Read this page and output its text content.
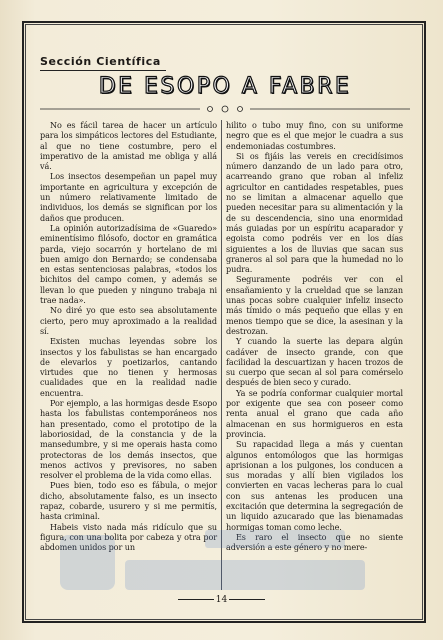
Sección Científica
DE ESOPO A FABRE

No es fácil tarea de hacer un artículo para los simpáticos lectores del Estudiante, al que no tiene costumbre, pero el imperativo de la amistad me obliga y allá vá.

Los insectos desempeñan un papel muy importante en agricultura y excepción de un número relativamente limitado de individuos, los demás se significan por los daños que producen.

La opinión autorizadísima de «Guaredo» eminentísimo filósofo, doctor en gramática parda, viejo socarrón y hortelano de mi buen amigo don Bernardo; se condensaba en estas sentenciosas palabras, «todos los bichitos del campo comen, y además se llevan lo que pueden y ninguno trabaja ni trae nada».

No diré yo que esto sea absolutamente cierto, pero muy aproximado a la realidad sí.

Existen muchas leyendas sobre los insectos y los fabulistas se han encargado de elevarlos y poetizarlos, cantando virtudes que no tienen y hermosas cualidades que en la realidad nadie encuentra.

Por ejemplo, a las hormigas desde Esopo hasta los fabulistas contemporáneos nos han presentado, como el prototipo de la laboriosidad, de la constancia y de la mansedumbre, y si me operais hasta como protectoras de los demás insectos, que menos activos y previsores, no saben resolver el problema de la vida como ellas.

Pues bien, todo eso es fábula, o mejor dicho, absolutamente falso, es un insecto rapaz, cobarde, usurero y si me permitís, hasta criminal.

Habeis visto nada más ridículo que su figura, con una bolita por cabeza y otra por abdomen unidos por un

hilito o tubo muy fino, con su uniforme negro que es el que mejor le cuadra a sus endemoniadas costumbres.

Si os fijáis las vereis en crecidísimos número danzando de un lado para otro, acarreando grano que roban al infeliz agricultor en cantidades respetables, pues no se limitan a almacenar aquello que pueden necesitar para su alimentación y la de su descendencia, sino una enormidad más guiadas por un espíritu acaparador y egoista como podréis ver en los días siguientes a los de lluvias que sacan sus graneros al sol para que la humedad no lo pudra.

Seguramente podréis ver con el ensañamiento y la crueldad que se lanzan unas pocas sobre cualquier infeliz insecto más tímido o más pequeño que ellas y en menos tiempo que se dice, la asesinan y la destrozan.

Y cuando la suerte las depara algún cadáver de insecto grande, con que facilidad la descuartizan y hacen trozos de su cuerpo que secan al sol para comérselo después de bien seco y curado.

Ya se podría conformar cualquier mortal por exigente que sea con poseer como renta anual el grano que cada año almacenan en sus hormigueros en esta provincia.

Su rapacidad llega a más y cuentan algunos entomólogos que las hormigas aprisionan a los pulgones, los conducen a sus moradas y allí bien vigilados los convierten en vacas lecheras para lo cual con sus antenas les producen una excitación que determina la segregación de un liquido azucarado que las bienamadas hormigas toman como leche.

Es raro el insecto que no siente adversión a este género y no mere-

14
